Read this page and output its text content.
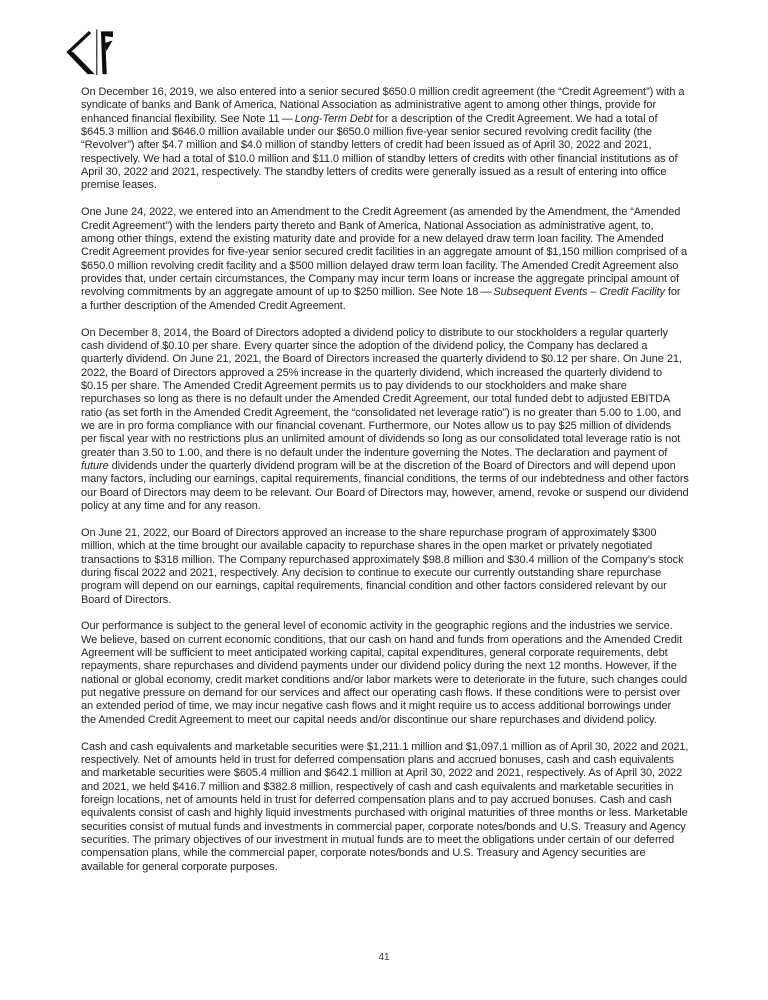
On December 16, 2019, we also entered into a senior secured $650.0 million credit agreement (the “Credit Agreement”) with a syndicate of banks and Bank of America, National Association as administrative agent to among other things, provide for enhanced financial flexibility. See Note 11 — Long-Term Debt for a description of the Credit Agreement. We had a total of $645.3 million and $646.0 million available under our $650.0 million five-year senior secured revolving credit facility (the “Revolver”) after $4.7 million and $4.0 million of standby letters of credit had been issued as of April 30, 2022 and 2021, respectively. We had a total of $10.0 million and $11.0 million of standby letters of credits with other financial institutions as of April 30, 2022 and 2021, respectively. The standby letters of credits were generally issued as a result of entering into office premise leases.

One June 24, 2022, we entered into an Amendment to the Credit Agreement (as amended by the Amendment, the “Amended Credit Agreement”) with the lenders party thereto and Bank of America, National Association as administrative agent, to, among other things, extend the existing maturity date and provide for a new delayed draw term loan facility. The Amended Credit Agreement provides for five-year senior secured credit facilities in an aggregate amount of $1,150 million comprised of a $650.0 million revolving credit facility and a $500 million delayed draw term loan facility. The Amended Credit Agreement also provides that, under certain circumstances, the Company may incur term loans or increase the aggregate principal amount of revolving commitments by an aggregate amount of up to $250 million. See Note 18 — Subsequent Events – Credit Facility for a further description of the Amended Credit Agreement.

On December 8, 2014, the Board of Directors adopted a dividend policy to distribute to our stockholders a regular quarterly cash dividend of $0.10 per share. Every quarter since the adoption of the dividend policy, the Company has declared a quarterly dividend. On June 21, 2021, the Board of Directors increased the quarterly dividend to $0.12 per share. On June 21, 2022, the Board of Directors approved a 25% increase in the quarterly dividend, which increased the quarterly dividend to $0.15 per share. The Amended Credit Agreement permits us to pay dividends to our stockholders and make share repurchases so long as there is no default under the Amended Credit Agreement, our total funded debt to adjusted EBITDA ratio (as set forth in the Amended Credit Agreement, the “consolidated net leverage ratio”) is no greater than 5.00 to 1.00, and we are in pro forma compliance with our financial covenant. Furthermore, our Notes allow us to pay $25 million of dividends per fiscal year with no restrictions plus an unlimited amount of dividends so long as our consolidated total leverage ratio is not greater than 3.50 to 1.00, and there is no default under the indenture governing the Notes. The declaration and payment of future dividends under the quarterly dividend program will be at the discretion of the Board of Directors and will depend upon many factors, including our earnings, capital requirements, financial conditions, the terms of our indebtedness and other factors our Board of Directors may deem to be relevant. Our Board of Directors may, however, amend, revoke or suspend our dividend policy at any time and for any reason.

On June 21, 2022, our Board of Directors approved an increase to the share repurchase program of approximately $300 million, which at the time brought our available capacity to repurchase shares in the open market or privately negotiated transactions to $318 million. The Company repurchased approximately $98.8 million and $30.4 million of the Company’s stock during fiscal 2022 and 2021, respectively. Any decision to continue to execute our currently outstanding share repurchase program will depend on our earnings, capital requirements, financial condition and other factors considered relevant by our Board of Directors.

Our performance is subject to the general level of economic activity in the geographic regions and the industries we service. We believe, based on current economic conditions, that our cash on hand and funds from operations and the Amended Credit Agreement will be sufficient to meet anticipated working capital, capital expenditures, general corporate requirements, debt repayments, share repurchases and dividend payments under our dividend policy during the next 12 months. However, if the national or global economy, credit market conditions and/or labor markets were to deteriorate in the future, such changes could put negative pressure on demand for our services and affect our operating cash flows. If these conditions were to persist over an extended period of time, we may incur negative cash flows and it might require us to access additional borrowings under the Amended Credit Agreement to meet our capital needs and/or discontinue our share repurchases and dividend policy.

Cash and cash equivalents and marketable securities were $1,211.1 million and $1,097.1 million as of April 30, 2022 and 2021, respectively. Net of amounts held in trust for deferred compensation plans and accrued bonuses, cash and cash equivalents and marketable securities were $605.4 million and $642.1 million at April 30, 2022 and 2021, respectively. As of April 30, 2022 and 2021, we held $416.7 million and $382.8 million, respectively of cash and cash equivalents and marketable securities in foreign locations, net of amounts held in trust for deferred compensation plans and to pay accrued bonuses. Cash and cash equivalents consist of cash and highly liquid investments purchased with original maturities of three months or less. Marketable securities consist of mutual funds and investments in commercial paper, corporate notes/bonds and U.S. Treasury and Agency securities. The primary objectives of our investment in mutual funds are to meet the obligations under certain of our deferred compensation plans, while the commercial paper, corporate notes/bonds and U.S. Treasury and Agency securities are available for general corporate purposes.

41
